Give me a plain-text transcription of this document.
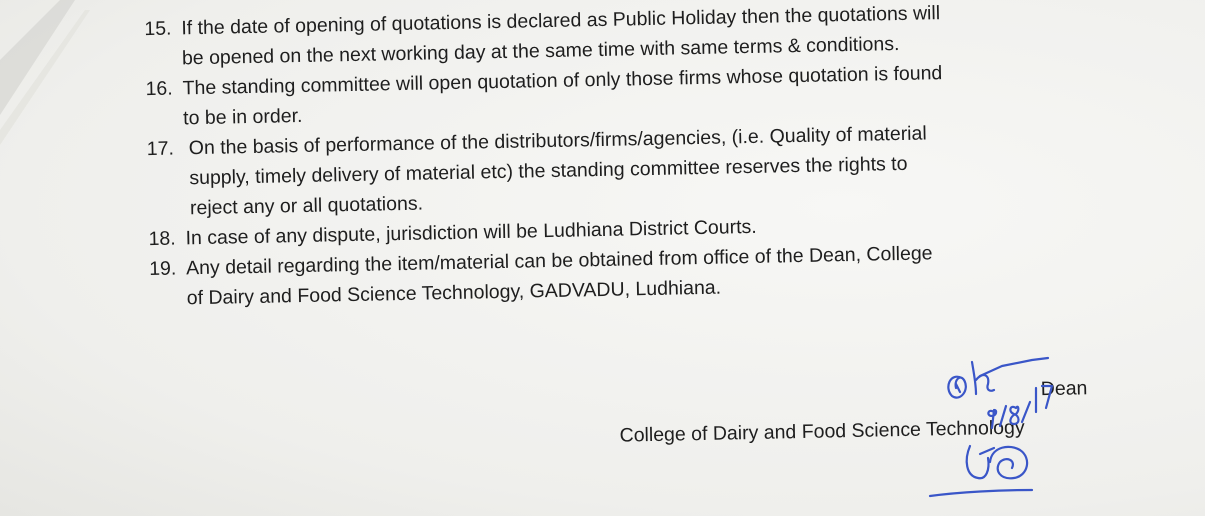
15. If the date of opening of quotations is declared as Public Holiday then the quotations will
be opened on the next working day at the same time with same terms & conditions.
16. The standing committee will open quotation of only those firms whose quotation is found
to be in order.
17. On the basis of performance of the distributors/firms/agencies, (i.e. Quality of material
supply, timely delivery of material etc) the standing committee reserves the rights to
reject any or all quotations.
18. In case of any dispute, jurisdiction will be Ludhiana District Courts.
19. Any detail regarding the item/material can be obtained from office of the Dean, College
of Dairy and Food Science Technology, GADVADU, Ludhiana.
Dean
College of Dairy and Food Science Technology
